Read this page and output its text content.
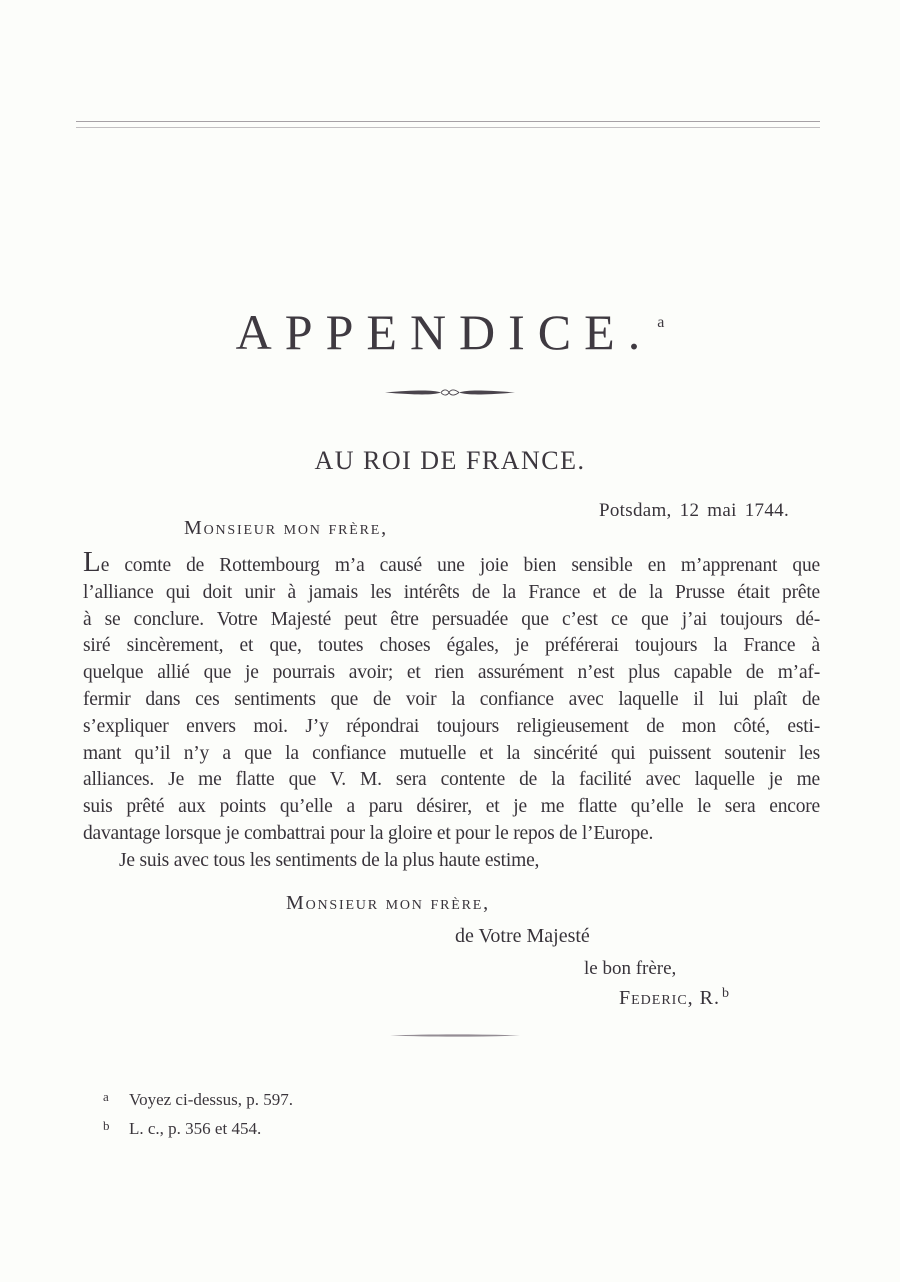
APPENDICE. $^a$
AU ROI DE FRANCE.
Potsdam, 12 mai 1744.
Monsieur mon frère,
Le comte de Rottembourg m’a causé une joie bien sensible en m’apprenant que
l’alliance qui doit unir à jamais les intérêts de la France et de la Prusse était prête
à se conclure. Votre Majesté peut être persuadée que c’est ce que j’ai toujours dé-
siré sincèrement, et que, toutes choses égales, je préférerai toujours la France à
quelque allié que je pourrais avoir; et rien assurément n’est plus capable de m’af-
fermir dans ces sentiments que de voir la confiance avec laquelle il lui plaît de
s’expliquer envers moi. J’y répondrai toujours religieusement de mon côté, esti-
mant qu’il n’y a que la confiance mutuelle et la sincérité qui puissent soutenir les
alliances. Je me flatte que V. M. sera contente de la facilité avec laquelle je me
suis prêté aux points qu’elle a paru désirer, et je me flatte qu’elle le sera encore
davantage lorsque je combattrai pour la gloire et pour le repos de l’Europe.
Je suis avec tous les sentiments de la plus haute estime,
Monsieur mon frère,
de Votre Majesté
le bon frère,
Federic, R. $^b$
a Voyez ci-dessus, p. 597.
b L. c., p. 356 et 454.
